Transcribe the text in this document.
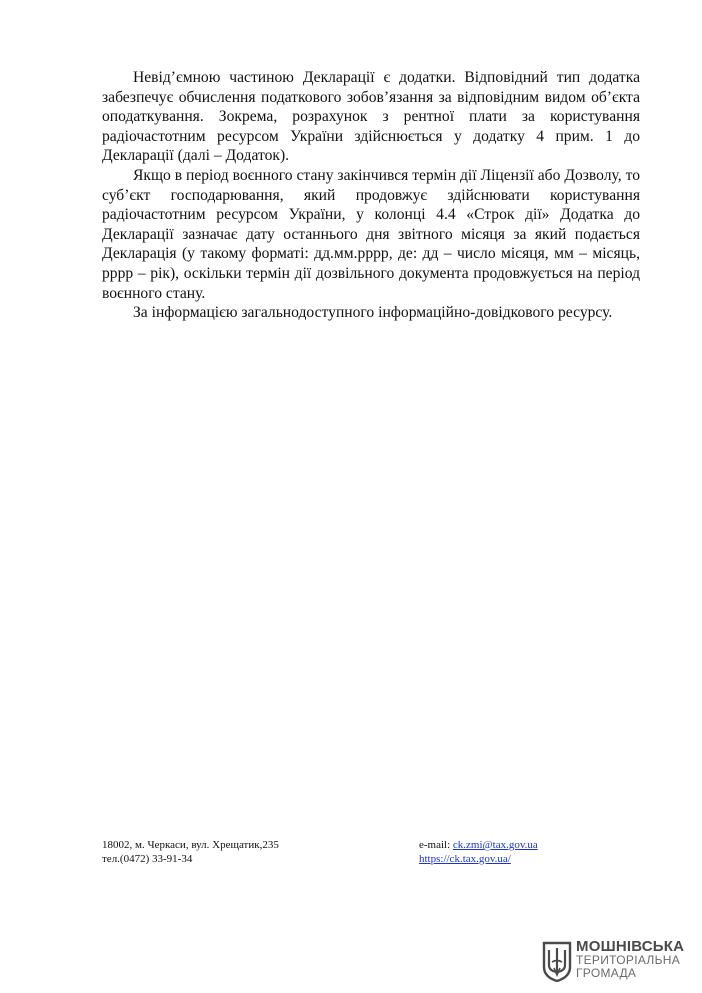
Невід’ємною частиною Декларації є додатки. Відповідний тип додатка забезпечує обчислення податкового зобов’язання за відповідним видом об’єкта оподаткування. Зокрема, розрахунок з рентної плати за користування радіочастотним ресурсом України здійснюється у додатку 4 прим. 1 до Декларації (далі – Додаток).

Якщо в період воєнного стану закінчився термін дії Ліцензії або Дозволу, то суб’єкт господарювання, який продовжує здійснювати користування радіочастотним ресурсом України, у колонці 4.4 «Строк дії» Додатка до Декларації зазначає дату останнього дня звітного місяця за який подається Декларація (у такому форматі: дд.мм.рррр, де: дд – число місяця, мм – місяць, рррр – рік), оскільки термін дії дозвільного документа продовжується на період воєнного стану.

За інформацією загальнодоступного інформаційно-довідкового ресурсу.

18002, м. Черкаси, вул. Хрещатик,235
тел.(0472) 33-91-34
e-mail: ck.zmi@tax.gov.ua
https://ck.tax.gov.ua/
МОШНІВСЬКА
ТЕРИТОРІАЛЬНА
ГРОМАДА
